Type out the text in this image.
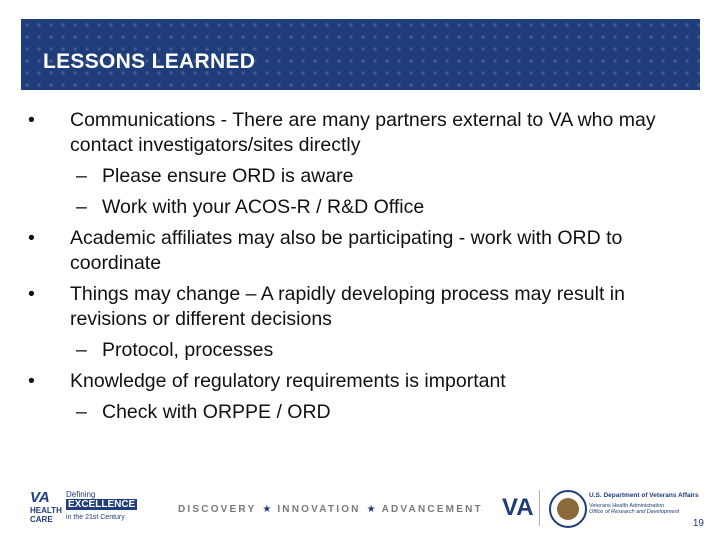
LESSONS LEARNED
• Communications - There are many partners external to VA who may contact investigators/sites directly
– Please ensure ORD is aware
– Work with your ACOS-R / R&D Office
• Academic affiliates may also be participating - work with ORD to coordinate
• Things may change – A rapidly developing process may result in revisions or different decisions
– Protocol, processes
• Knowledge of regulatory requirements is important
– Check with ORPPE / ORD
VA
HEALTH
CARE
Defining
EXCELLENCE
in the 21st Century
DISCOVERY ★ INNOVATION ★ ADVANCEMENT VA	U.S. Department of Veterans Affairs
Veterans Health Administration
Office of Research and Development
19
